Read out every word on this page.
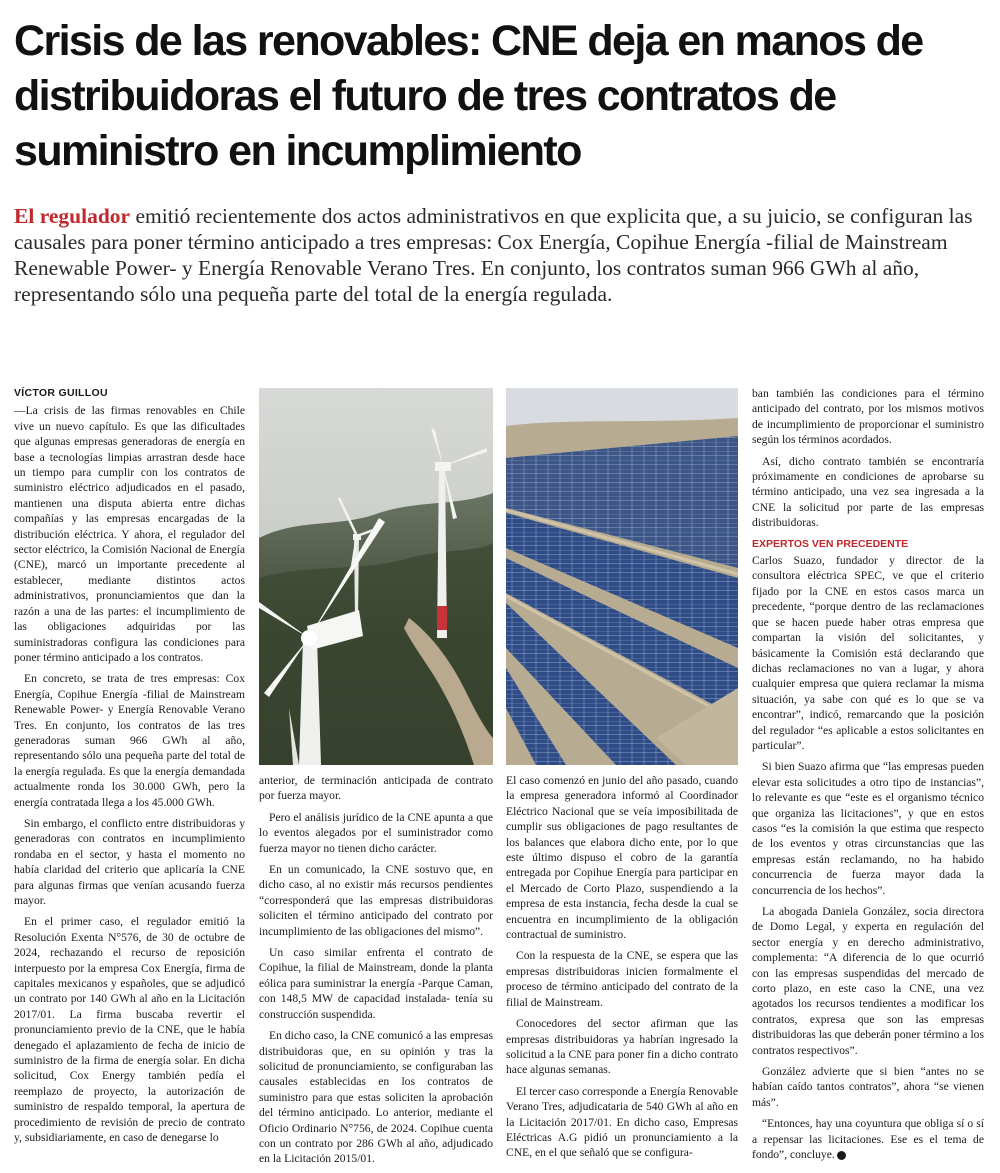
Crisis de las renovables: CNE deja en manos de distribuidoras el futuro de tres contratos de suministro en incumplimiento

El regulador emitió recientemente dos actos administrativos en que explicita que, a su juicio, se configuran las causales para poner término anticipado a tres empresas: Cox Energía, Copihue Energía -filial de Mainstream Renewable Power- y Energía Renovable Verano Tres. En conjunto, los contratos suman 966 GWh al año, representando sólo una pequeña parte del total de la energía regulada.

VÍCTOR GUILLOU

—La crisis de las firmas renovables en Chile vive un nuevo capítulo. Es que las dificultades que algunas empresas generadoras de energía en base a tecnologías limpias arrastran desde hace un tiempo para cumplir con los contratos de suministro eléctrico adjudicados en el pasado, mantienen una disputa abierta entre dichas compañías y las empresas encargadas de la distribución eléctrica. Y ahora, el regulador del sector eléctrico, la Comisión Nacional de Energía (CNE), marcó un importante precedente al establecer, mediante distintos actos administrativos, pronunciamientos que dan la razón a una de las partes: el incumplimiento de las obligaciones adquiridas por las suministradoras configura las condiciones para poner término anticipado a los contratos.

En concreto, se trata de tres empresas: Cox Energía, Copihue Energía -filial de Mainstream Renewable Power- y Energía Renovable Verano Tres. En conjunto, los contratos de las tres generadoras suman 966 GWh al año, representando sólo una pequeña parte del total de la energía regulada. Es que la energía demandada actualmente ronda los 30.000 GWh, pero la energía contratada llega a los 45.000 GWh.

Sin embargo, el conflicto entre distribuidoras y generadoras con contratos en incumplimiento rondaba en el sector, y hasta el momento no había claridad del criterio que aplicaría la CNE para algunas firmas que venían acusando fuerza mayor.

En el primer caso, el regulador emitió la Resolución Exenta N°576, de 30 de octubre de 2024, rechazando el recurso de reposición interpuesto por la empresa Cox Energía, firma de capitales mexicanos y españoles, que se adjudicó un contrato por 140 GWh al año en la Licitación 2017/01. La firma buscaba revertir el pronunciamiento previo de la CNE, que le había denegado el aplazamiento de fecha de inicio de suministro de la firma de energía solar. En dicha solicitud, Cox Energy también pedía el reemplazo de proyecto, la autorización de suministro de respaldo temporal, la apertura de procedimiento de revisión de precio de contrato y, subsidiariamente, en caso de denegarse lo

anterior, de terminación anticipada de contrato por fuerza mayor.

Pero el análisis jurídico de la CNE apunta a que lo eventos alegados por el suministrador como fuerza mayor no tienen dicho carácter.

En un comunicado, la CNE sostuvo que, en dicho caso, al no existir más recursos pendientes “corresponderá que las empresas distribuidoras soliciten el término anticipado del contrato por incumplimiento de las obligaciones del mismo”.

Un caso similar enfrenta el contrato de Copihue, la filial de Mainstream, donde la planta eólica para suministrar la energía -Parque Caman, con 148,5 MW de capacidad instalada- tenía su construcción suspendida.

En dicho caso, la CNE comunicó a las empresas distribuidoras que, en su opinión y tras la solicitud de pronunciamiento, se configuraban las causales establecidas en los contratos de suministro para que estas soliciten la aprobación del término anticipado. Lo anterior, mediante el Oficio Ordinario N°756, de 2024. Copihue cuenta con un contrato por 286 GWh al año, adjudicado en la Licitación 2015/01.

El caso comenzó en junio del año pasado, cuando la empresa generadora informó al Coordinador Eléctrico Nacional que se veía imposibilitada de cumplir sus obligaciones de pago resultantes de los balances que elabora dicho ente, por lo que este último dispuso el cobro de la garantía entregada por Copihue Energía para participar en el Mercado de Corto Plazo, suspendiendo a la empresa de esta instancia, fecha desde la cual se encuentra en incumplimiento de la obligación contractual de suministro.

Con la respuesta de la CNE, se espera que las empresas distribuidoras inicien formalmente el proceso de término anticipado del contrato de la filial de Mainstream.

Conocedores del sector afirman que las empresas distribuidoras ya habrían ingresado la solicitud a la CNE para poner fin a dicho contrato hace algunas semanas.

El tercer caso corresponde a Energía Renovable Verano Tres, adjudicataria de 540 GWh al año en la Licitación 2017/01. En dicho caso, Empresas Eléctricas A.G pidió un pronunciamiento a la CNE, en el que señaló que se configura-

ban también las condiciones para el término anticipado del contrato, por los mismos motivos de incumplimiento de proporcionar el suministro según los términos acordados.

Así, dicho contrato también se encontraría próximamente en condiciones de aprobarse su término anticipado, una vez sea ingresada a la CNE la solicitud por parte de las empresas distribuidoras.

EXPERTOS VEN PRECEDENTE

Carlos Suazo, fundador y director de la consultora eléctrica SPEC, ve que el criterio fijado por la CNE en estos casos marca un precedente, “porque dentro de las reclamaciones que se hacen puede haber otras empresa que compartan la visión del solicitantes, y básicamente la Comisión está declarando que dichas reclamaciones no van a lugar, y ahora cualquier empresa que quiera reclamar la misma situación, ya sabe con qué es lo que se va encontrar”, indicó, remarcando que la posición del regulador “es aplicable a estos solicitantes en particular”.

Si bien Suazo afirma que “las empresas pueden elevar esta solicitudes a otro tipo de instancias”, lo relevante es que “este es el organismo técnico que organiza las licitaciones”, y que en estos casos “es la comisión la que estima que respecto de los eventos y otras circunstancias que las empresas están reclamando, no ha habido concurrencia de fuerza mayor dada la concurrencia de los hechos”.

La abogada Daniela González, socia directora de Domo Legal, y experta en regulación del sector energía y en derecho administrativo, complementa: “A diferencia de lo que ocurrió con las empresas suspendidas del mercado de corto plazo, en este caso la CNE, una vez agotados los recursos tendientes a modificar los contratos, expresa que son las empresas distribuidoras las que deberán poner término a los contratos respectivos”.

González advierte que si bien “antes no se habían caído tantos contratos”, ahora “se vienen más”.

“Entonces, hay una coyuntura que obliga sí o sí a repensar las licitaciones. Ese es el tema de fondo”, concluye.
